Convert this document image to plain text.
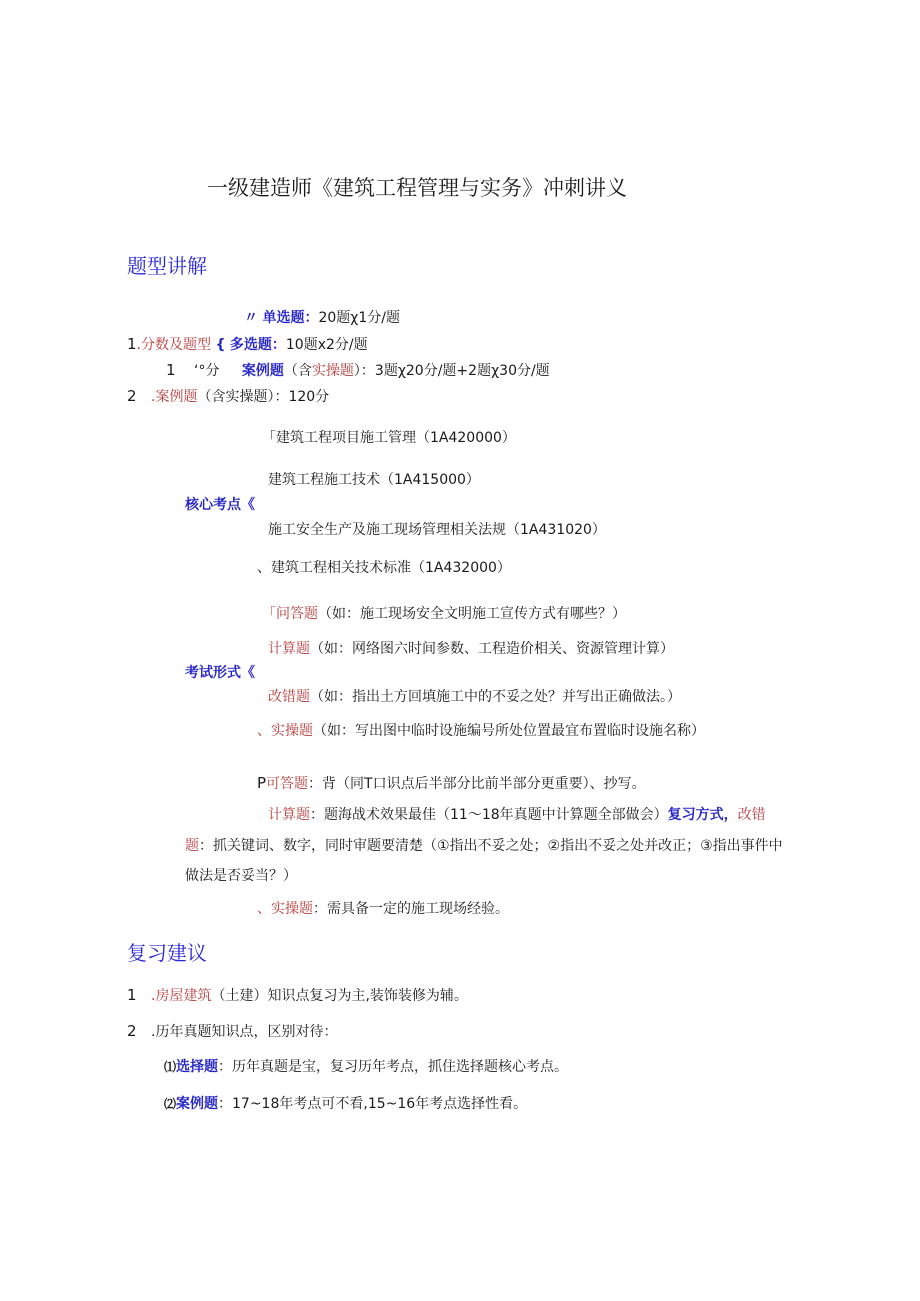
一级建造师《建筑工程管理与实务》冲刺讲义
题型讲解
〃 单选题：20题χ1分/题
1.分数及题型 { 多选题：10题x2分/题
1 ‘°分 案例题（含实操题）：3题χ20分/题+2题χ30分/题
2 .案例题（含实操题）：120分
「建筑工程项目施工管理（1A420000）
建筑工程施工技术（1A415000）
核心考点《
施工安全生产及施工现场管理相关法规（1A431020）
、建筑工程相关技术标准（1A432000）
「问答题（如：施工现场安全文明施工宣传方式有哪些？）
计算题（如：网络图六时间参数、工程造价相关、资源管理计算）
考试形式《
改错题（如：指出土方回填施工中的不妥之处？并写出正确做法。）
、实操题（如：写出图中临时设施编号所处位置最宜布置临时设施名称）
P可答题：背（同T口识点后半部分比前半部分更重要）、抄写。
计算题：题海战术效果最佳（11〜18年真题中计算题全部做会）复习方式，改错
题：抓关键词、数字，同时审题要清楚（①指出不妥之处；②指出不妥之处并改正；③指出事件中
做法是否妥当？）
、实操题：需具备一定的施工现场经验。
复习建议
1 .房屋建筑（土建）知识点复习为主,装饰装修为辅。
2 .历年真题知识点，区别对待：
⑴选择题：历年真题是宝，复习历年考点，抓住选择题核心考点。
⑵案例题：17~18年考点可不看,15~16年考点选择性看。
